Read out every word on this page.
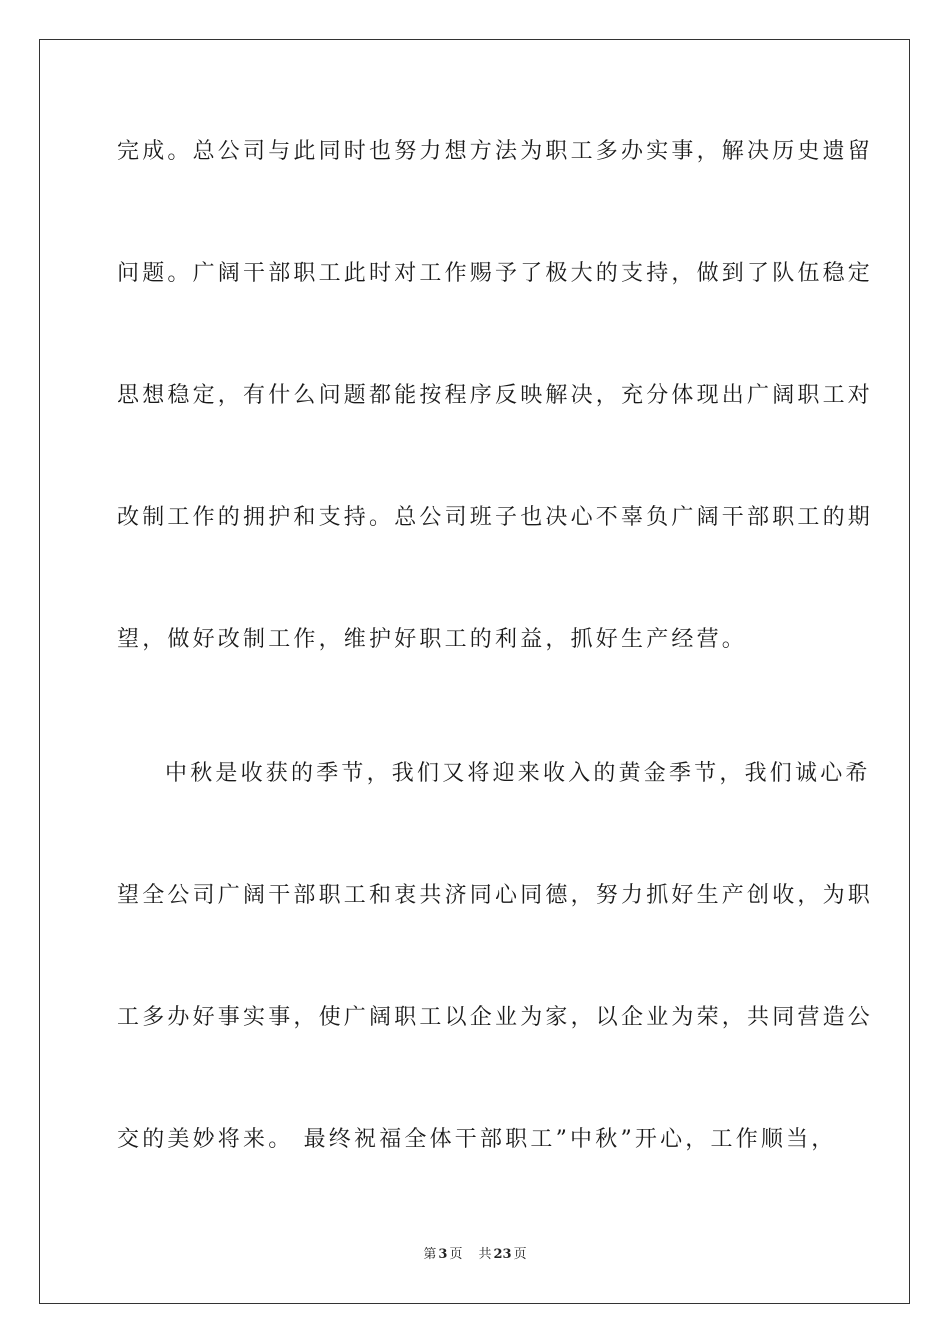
完成。总公司与此同时也努力想方法为职工多办实事，解决历史遗留
问题。广阔干部职工此时对工作赐予了极大的支持，做到了队伍稳定
思想稳定，有什么问题都能按程序反映解决，充分体现出广阔职工对
改制工作的拥护和支持。总公司班子也决心不辜负广阔干部职工的期
望，做好改制工作，维护好职工的利益，抓好生产经营。
中秋是收获的季节，我们又将迎来收入的黄金季节，我们诚心希
望全公司广阔干部职工和衷共济同心同德，努力抓好生产创收，为职
工多办好事实事，使广阔职工以企业为家，以企业为荣，共同营造公
交的美妙将来。 最终祝福全体干部职工”中秋”开心，工作顺当，
第 3 页 共 23 页
